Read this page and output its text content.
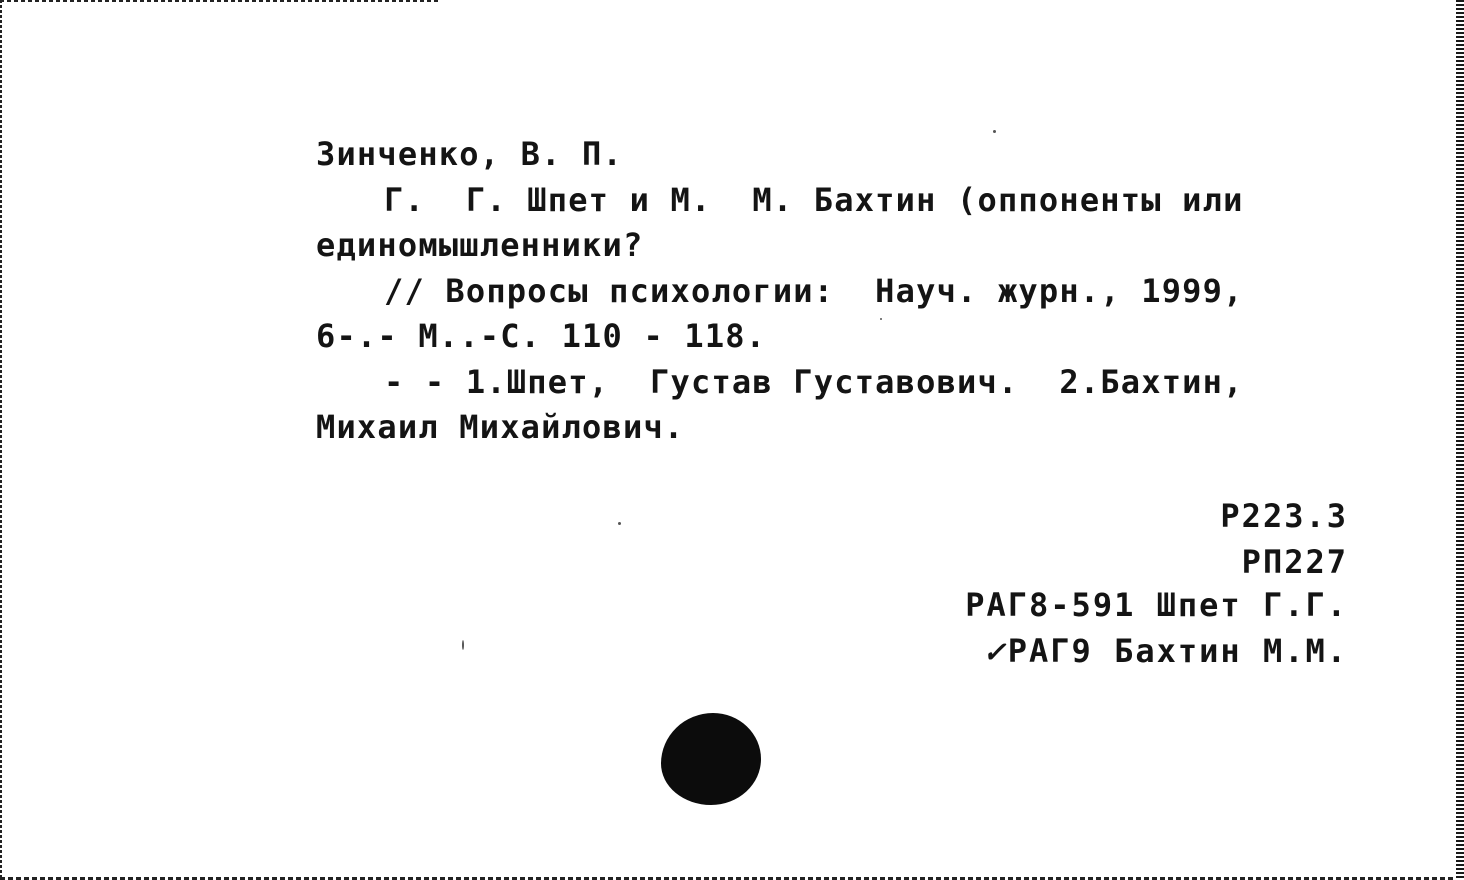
Зинченко, В. П.
Г.  Г. Шпет и М.  М. Бахтин (оппоненты или
единомышленники?
// Вопросы психологии:  Науч. журн., 1999,
6-.- М..-С. 110 - 118.
- - 1.Шпет,  Густав Густавович.  2.Бахтин,
Михаил Михайлович.
Р223.3
РП227
РАГ8-591 Шпет Г.Г.
✓РАГ9 Бахтин М.М.
